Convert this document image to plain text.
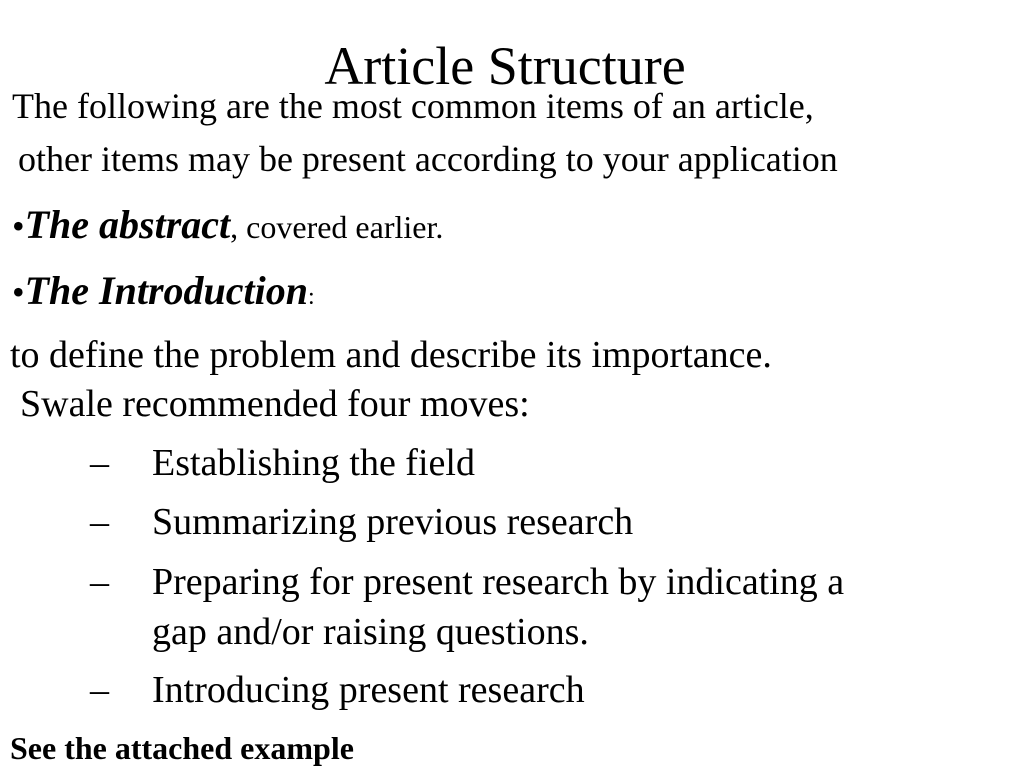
Article Structure
The following are the most common items of an article,
other items may be present according to your application
•The abstract, covered earlier.
•The Introduction:
to define the problem and describe its importance.
Swale recommended four moves:
– Establishing the field
– Summarizing previous research
– Preparing for present research by indicating a
gap and/or raising questions.
– Introducing present research
See the attached example
